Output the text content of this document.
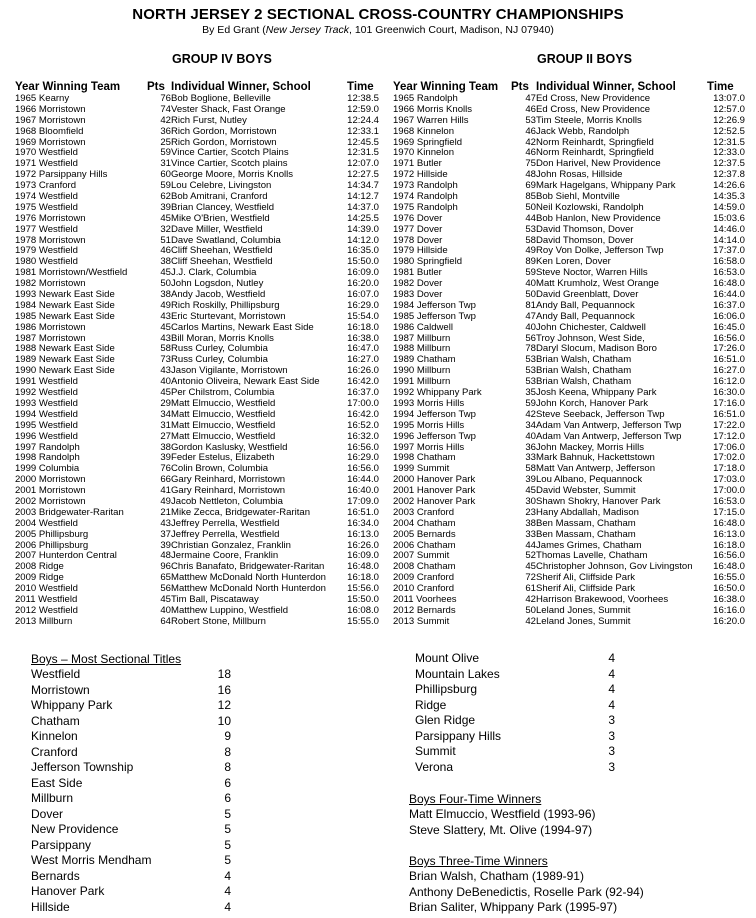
NORTH JERSEY 2 SECTIONAL CROSS-COUNTRY CHAMPIONSHIPS
By Ed Grant (New Jersey Track, 101 Greenwich Court, Madison, NJ 07940)
GROUP IV BOYS	GROUP II BOYS
Year Winning Team Pts Individual Winner, School	Time
1965 Kearny	76Bob Boglione, Belleville	12:38.5
1966 Morristown	74Vester Shack, Fast Orange	12:59.0
1967 Morristown	42Rich Furst, Nutley	12:24.4
1968 Bloomfield	36Rich Gordon, Morristown	12:33.1
1969 Morristown	25Rich Gordon, Morristown	12:45.5
1970 Westfield	59Vince Cartier, Scotch Plains	12:31.5
1971 Westfield	31Vince Cartier, Scotch plains	12:07.0
1972 Parsippany Hills	60George Moore, Morris Knolls	12:27.5
1973 Cranford	59Lou Celebre, Livingston	14:34.7
1974 Westfield	62Bob Amitrani, Cranford	14:12.7
1975 Westfield	39Brian Clancey, Westfield	14:37.0
1976 Morristown	45Mike O'Brien, Westfield	14:25.5
1977 Westfield	32Dave Miller, Westfield	14:39.0
1978 Morristown	51Dave Swatland, Columbia	14:12.0
1979 Westfield	46Cliff Sheehan, Westfield	16:35.0
1980 Westfield	38Cliff Sheehan, Westfield	15:50.0
1981 Morristown/Westfield	45J.J. Clark, Columbia	16:09.0
1982 Morristown	50John Logsdon, Nutley	16:20.0
1993 Newark East Side	38Andy Jacob, Westfield	16:07.0
1984 Newark East Side	49Rich Roskilly, Phillipsburg	16:29.0
1985 Newark East Side	43Eric Sturtevant, Morristown	15:54.0
1986 Morristown	45Carlos Martins, Newark East Side	16:18.0
1987 Morristown	43Bill Moran, Morris Knolls	16:38.0
1988 Newark East Side	58Russ Curley, Columbia	16:47.0
1989 Newark East Side	73Russ Curley, Columbia	16:27.0
1990 Newark East Side	43Jason Vigilante, Morristown	16:26.0
1991 Westfield	40Antonio Oliveira, Newark East Side	16:42.0
1992 Westfield	45Per Chilstrom, Columbia	16:37.0
1993 Westfield	29Matt Elmuccio, Westfield	17:00.0
1994 Westfield	34Matt Elmuccio, Westfield	16:42.0
1995 Westfield	31Matt Elmuccio, Westfield	16:52.0
1996 Westfield	27Matt Elmuccio, Westfield	16:32.0
1997 Randolph	38Gordon Kaslusky, Westfield	16:56.0
1998 Randolph	39Feder Estelus, Elizabeth	16:29.0
1999 Columbia	76Colin Brown, Columbia	16:56.0
2000 Morristown	66Gary Reinhard, Morristown	16:44.0
2001 Morristown	41Gary Reinhard, Morristown	16:40.0
2002 Morristown	49Jacob Nettleton, Columbia	17:09.0
2003 Bridgewater-Raritan	21Mike Zecca, Bridgewater-Raritan	16:51.0
2004 Westfield	43Jeffrey Perrella, Westfield	16:34.0
2005 Phillipsburg	37Jeffrey Perrella, Westfield	16:13.0
2006 Phillipsburg	39Christian Gonzalez, Franklin	16:26.0
2007 Hunterdon Central	48Jermaine Coore, Franklin	16:09.0
2008 Ridge	96Chris Banafato, Bridgewater-Raritan 16:48.0
2009 Ridge	65Matthew McDonald North Hunterdon 16:18.0
2010 Westfield	56Matthew McDonald North Hunterdon 15:56.0
2011 Westfield	45Tim Ball, Piscataway	15:50.0
2012 Westfield	40Matthew Luppino, Westfield	16:08.0
2013 Millburn	64Robert Stone, Millburn	15:55.0
Year Winning Team Pts Individual Winner, School	Time
1965 Randolph	47Ed Cross, New Providence	13:07.0
1966 Morris Knolls	46Ed Cross, New Providence	12:57.0
1967 Warren Hills	53Tim Steele, Morris Knolls	12:26.9
1968 Kinnelon	46Jack Webb, Randolph	12:52.5
1969 Springfield	42Norm Reinhardt, Springfield	12:31.5
1970 Kinnelon	46Norm Reinhardt, Springfield	12:33.0
1971 Butler	75Don Harivel, New Providence	12:37.5
1972 Hillside	48John Rosas, Hillside	12:37.8
1973 Randolph	69Mark Hagelgans, Whippany Park	14:26.6
1974 Randolph	85Bob Siehl, Montville	14:35.3
1975 Randolph	50Neil Kozlowski, Randolph	14:59.0
1976 Dover	44Bob Hanlon, New Providence	15:03.6
1977 Dover	53David Thomson, Dover	14:46.0
1978 Dover	58David Thomson, Dover	14:14.0
1979 Hillside	49Roy Von Dolke, Jefferson Twp	17:37.0
1980 Springfield	89Ken Loren, Dover	16:58.0
1981 Butler	59Steve Noctor, Warren Hills	16:53.0
1982 Dover	40Matt Krumholz, West Orange	16:48.0
1983 Dover	50David Greenblatt, Dover	16:44.0
1984 Jefferson Twp	81Andy Ball, Pequannock	16:37.0
1985 Jefferson Twp	47Andy Ball, Pequannock	16:06.0
1986 Caldwell	40John Chichester, Caldwell	16:45.0
1987 Millburn	56Troy Johnson, West Side,	16:56.0
1988 Millburn	78Daryl Slocum, Madison Boro	17:26.0
1989 Chatham	53Brian Walsh, Chatham	16:51.0
1990 Millburn	53Brian Walsh, Chatham	16:27.0
1991 Millburn	53Brian Walsh, Chatham	16:12.0
1992 Whippany Park	35Josh Keena, Whippany Park	16:30.0
1993 Morris Hills	59John Korch, Hanover Park	17:16.0
1994 Jefferson Twp	42Steve Seeback, Jefferson Twp	16:51.0
1995 Morris Hills	34Adam Van Antwerp, Jefferson Twp	17:22.0
1996 Jefferson Twp	40Adam Van Antwerp, Jefferson Twp	17:12.0
1997 Morris Hills	36John Mackey, Morris Hills	17:06.0
1998 Chatham	33Mark Bahnuk, Hackettstown	17:02.0
1999 Summit	58Matt Van Antwerp, Jefferson	17:18.0
2000 Hanover Park	39Lou Albano, Pequannock	17:03.0
2001 Hanover Park	45David Webster, Summit	17:00.0
2002 Hanover Park	30Shawn Shokry, Hanover Park	16:53.0
2003 Cranford	23Hany Abdallah, Madison	17:15.0
2004 Chatham	38Ben Massam, Chatham	16:48.0
2005 Bernards	33Ben Massam, Chatham	16:13.0
2006 Chatham	44James Grimes, Chatham	16:18.0
2007 Summit	52Thomas Lavelle, Chatham	16:56.0
2008 Chatham	45Christopher Johnson, Gov Livingston 16:48.0
2009 Cranford	72Sherif Ali, Cliffside Park	16:55.0
2010 Cranford	61Sherif Ali, Cliffside Park	16:50.0
2011 Voorhees	42Harrison Brakewood, Voorhees	16:38.0
2012 Bernards	50Leland Jones, Summit	16:16.0
2013 Summit	42Leland Jones, Summit	16:20.0
Boys – Most Sectional Titles
Westfield	18
Morristown	16
Whippany Park	12
Chatham	10
Kinnelon	9
Cranford	8
Jefferson Township	8
East Side	6
Millburn	6
Dover	5
New Providence	5
Parsippany	5
West Morris Mendham	5
Bernards	4
Hanover Park	4
Hillside	4
Mount Olive	4
Mountain Lakes	4
Phillipsburg	4
Ridge	4
Glen Ridge	3
Parsippany Hills	3
Summit	3
Verona	3
Boys Four-Time Winners
Matt Elmuccio, Westfield (1993-96)
Steve Slattery, Mt. Olive (1994-97)
Boys Three-Time Winners
Brian Walsh, Chatham (1989-91)
Anthony DeBenedictis, Roselle Park (92-94)
Brian Saliter, Whippany Park (1995-97)
